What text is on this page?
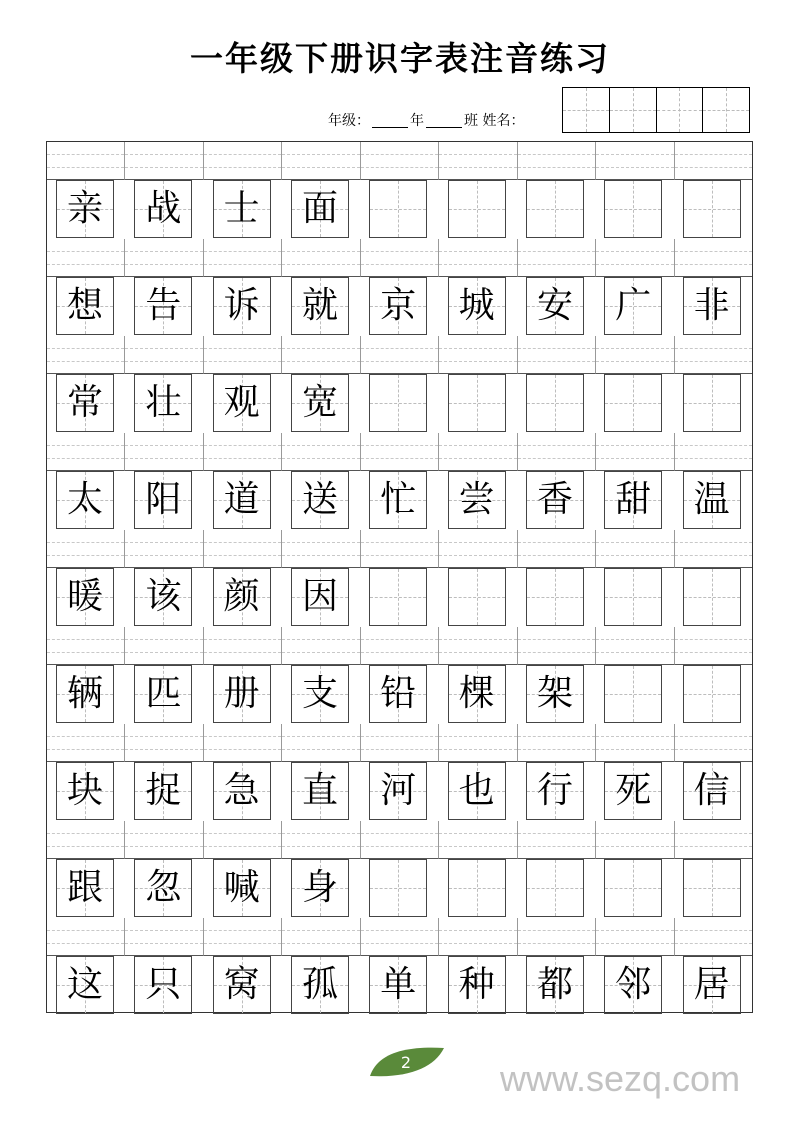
一年级下册识字表注音练习
年级：	年	班
姓名：
亲 战 士 面
想 告 诉 就 京 城 安 广 非
常 壮 观 宽
太 阳 道 送 忙 尝 香 甜 温
暖 该 颜 因
辆 匹 册 支 铅 棵 架
块 捉 急 直 河 也 行 死 信
跟 忽 喊 身
这 只 窝 孤 单 种 都 邻 居
2	www.sezq.com
